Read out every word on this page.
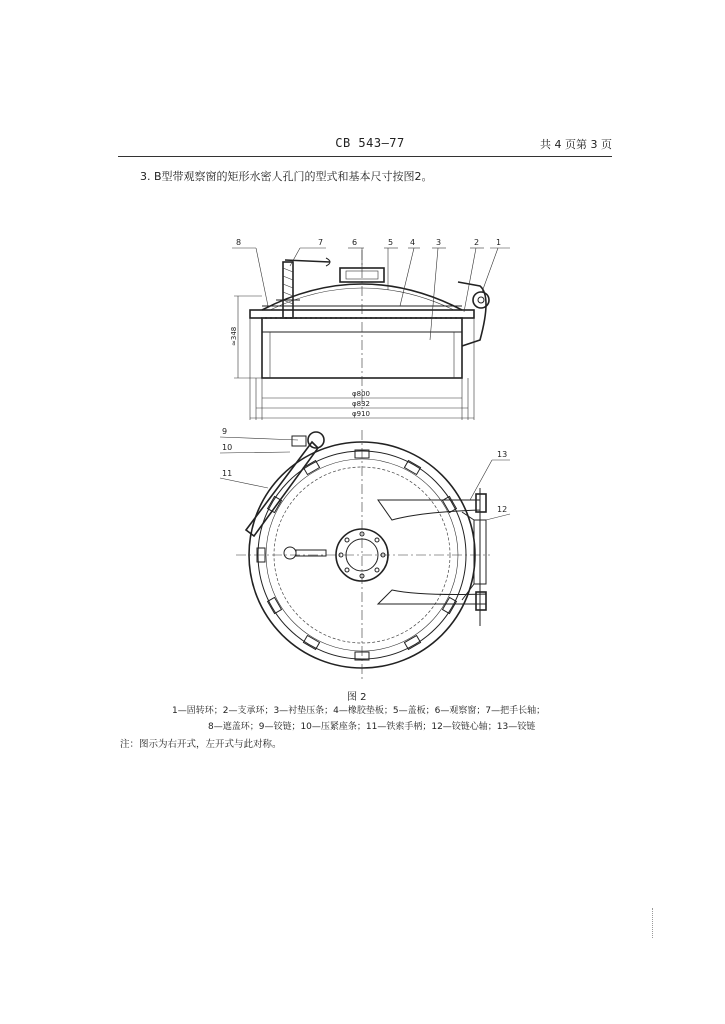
CB 543—77	共 4 页第 3 页
3. B型带观察窗的矩形水密人孔门的型式和基本尺寸按图2。
φ800
φ832
φ910
≈348
8	7	6	5 4	3	2 1
9
10
11
13
12
图 2
1—固转环；2—支承环；3—衬垫压条；4—橡胶垫板；5—盖板；6—观察窗；7—把手长轴；
8—遮盖环；9—铰链；10—压紧座条；11—铁索手柄；12—铰链心轴；13—铰链
注：图示为右开式，左开式与此对称。
